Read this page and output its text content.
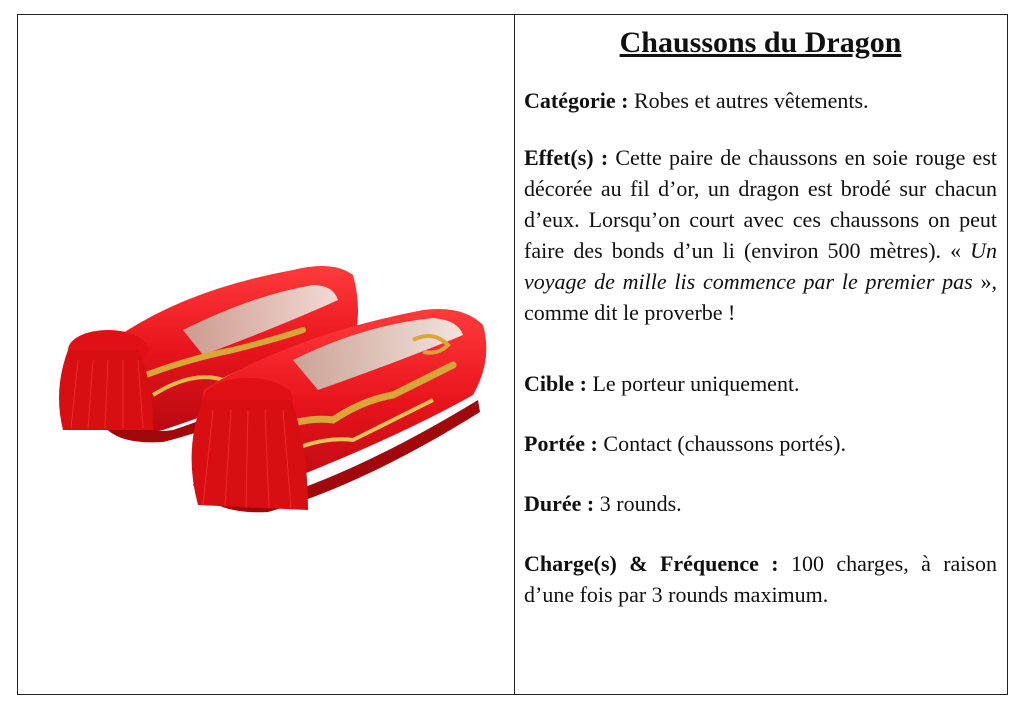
Chaussons du Dragon

Catégorie : Robes et autres vêtements.

Effet(s) : Cette paire de chaussons en soie rouge est décorée au fil d’or, un dragon est brodé sur chacun d’eux. Lorsqu’on court avec ces chaussons on peut faire des bonds d’un li (environ 500 mètres). « Un voyage de mille lis commence par le premier pas », comme dit le proverbe !

Cible : Le porteur uniquement.

Portée : Contact (chaussons portés).

Durée : 3 rounds.

Charge(s) & Fréquence : 100 charges, à raison d’une fois par 3 rounds maximum.
